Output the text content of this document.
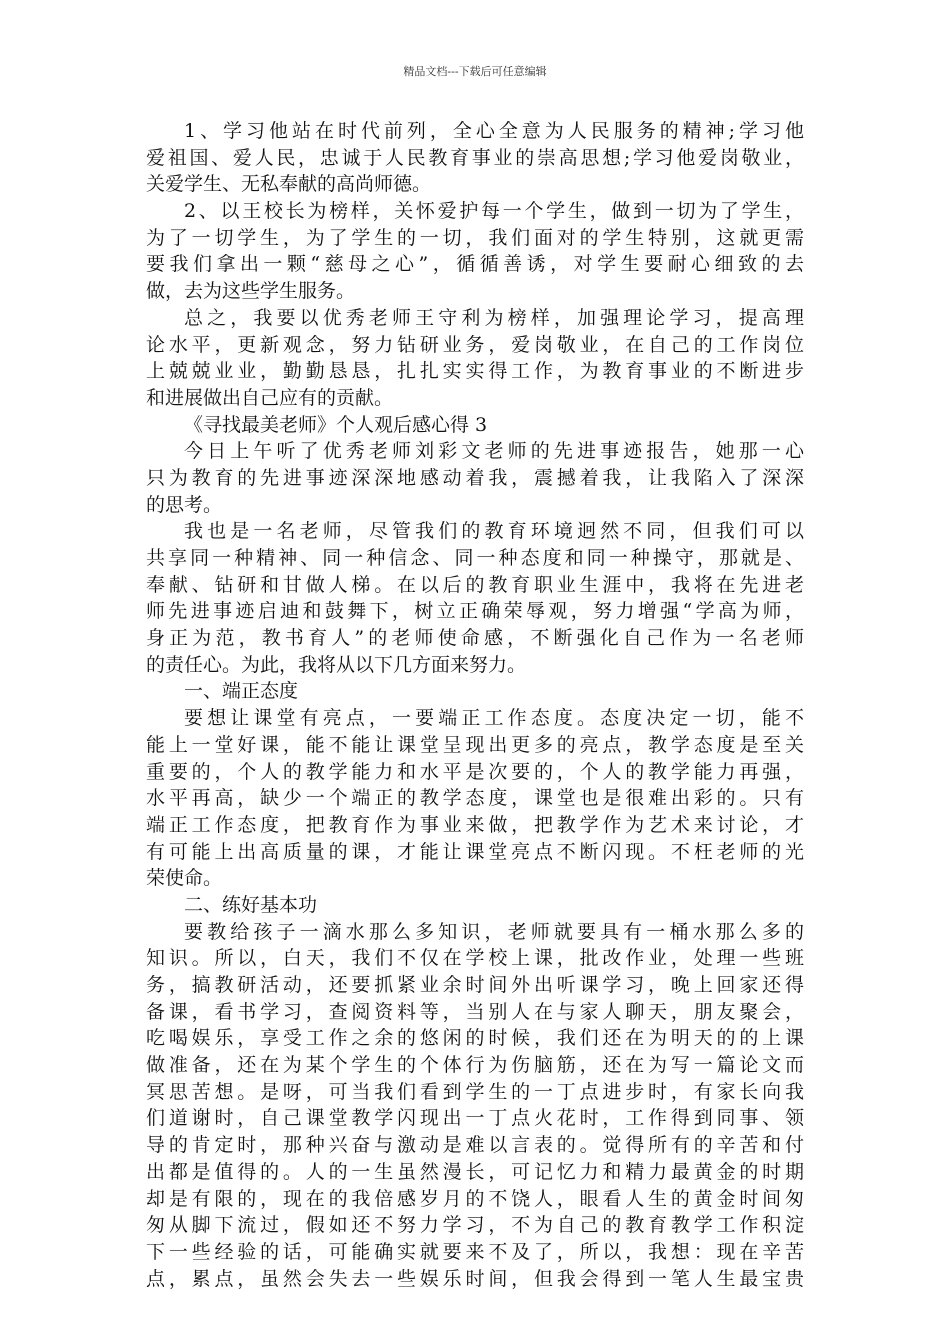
精品文档---下载后可任意编辑
1、学习他站在时代前列，全心全意为人民服务的精神;学习他
爱祖国、爱人民，忠诚于人民教育事业的崇高思想;学习他爱岗敬业，
关爱学生、无私奉献的高尚师德。
2、以王校长为榜样，关怀爱护每一个学生，做到一切为了学生，
为了一切学生，为了学生的一切，我们面对的学生特别，这就更需
要我们拿出一颗“慈母之心”，循循善诱，对学生要耐心细致的去
做，去为这些学生服务。
总之，我要以优秀老师王守利为榜样，加强理论学习，提高理
论水平，更新观念，努力钻研业务，爱岗敬业，在自己的工作岗位
上兢兢业业，勤勤恳恳，扎扎实实得工作，为教育事业的不断进步
和进展做出自己应有的贡献。
《寻找最美老师》个人观后感心得 3
今日上午听了优秀老师刘彩文老师的先进事迹报告，她那一心
只为教育的先进事迹深深地感动着我，震撼着我，让我陷入了深深
的思考。
我也是一名老师，尽管我们的教育环境迥然不同，但我们可以
共享同一种精神、同一种信念、同一种态度和同一种操守，那就是、
奉献、钻研和甘做人梯。在以后的教育职业生涯中，我将在先进老
师先进事迹启迪和鼓舞下，树立正确荣辱观，努力增强“学高为师，
身正为范，教书育人”的老师使命感，不断强化自己作为一名老师
的责任心。为此，我将从以下几方面来努力。
一、端正态度
要想让课堂有亮点，一要端正工作态度。态度决定一切，能不
能上一堂好课，能不能让课堂呈现出更多的亮点，教学态度是至关
重要的，个人的教学能力和水平是次要的，个人的教学能力再强，
水平再高，缺少一个端正的教学态度，课堂也是很难出彩的。只有
端正工作态度，把教育作为事业来做，把教学作为艺术来讨论，才
有可能上出高质量的课，才能让课堂亮点不断闪现。不枉老师的光
荣使命。
二、练好基本功
要教给孩子一滴水那么多知识，老师就要具有一桶水那么多的
知识。所以，白天，我们不仅在学校上课，批改作业，处理一些班
务，搞教研活动，还要抓紧业余时间外出听课学习，晚上回家还得
备课，看书学习，查阅资料等，当别人在与家人聊天，朋友聚会，
吃喝娱乐，享受工作之余的悠闲的时候，我们还在为明天的的上课
做准备，还在为某个学生的个体行为伤脑筋，还在为写一篇论文而
冥思苦想。是呀，可当我们看到学生的一丁点进步时，有家长向我
们道谢时，自己课堂教学闪现出一丁点火花时，工作得到同事、领
导的肯定时，那种兴奋与激动是难以言表的。觉得所有的辛苦和付
出都是值得的。人的一生虽然漫长，可记忆力和精力最黄金的时期
却是有限的，现在的我倍感岁月的不饶人，眼看人生的黄金时间匆
匆从脚下流过，假如还不努力学习，不为自己的教育教学工作积淀
下一些经验的话，可能确实就要来不及了，所以，我想：现在辛苦
点，累点，虽然会失去一些娱乐时间，但我会得到一笔人生最宝贵
